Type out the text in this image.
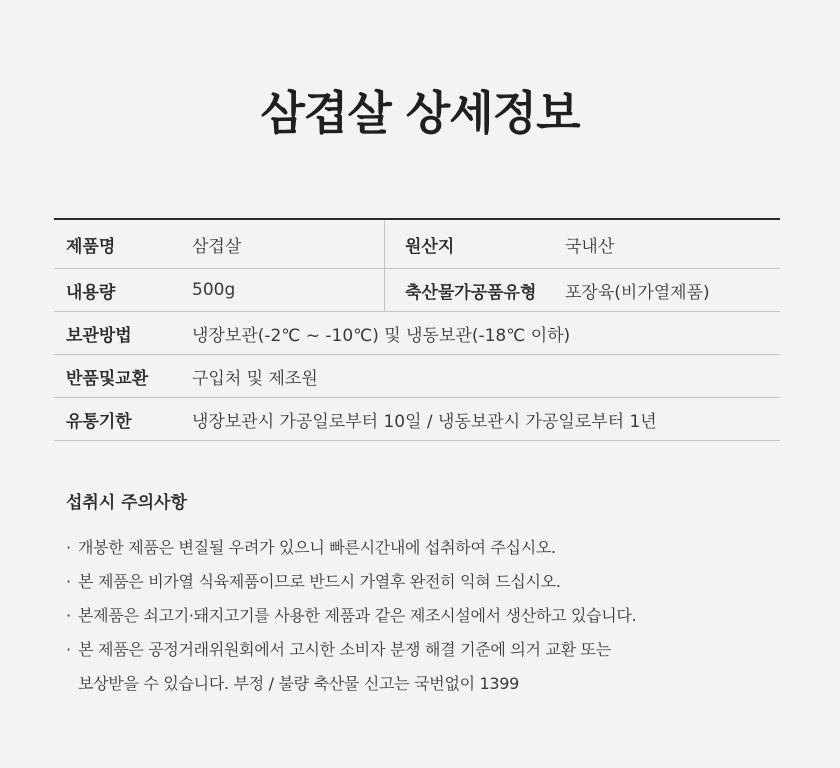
삼겹살 상세정보
제품명	삼겹살	원산지	국내산
내용량	500g	축산물가공품유형	포장육(비가열제품)
보관방법	냉장보관(-2℃ ~ -10℃) 및 냉동보관(-18℃ 이하)		
반품및교환	구입처 및 제조원		
유통기한	냉장보관시 가공일로부터 10일 / 냉동보관시 가공일로부터 1년		
섭취시 주의사항
· 개봉한 제품은 변질될 우려가 있으니 빠른시간내에 섭취하여 주십시오.
· 본 제품은 비가열 식육제품이므로 반드시 가열후 완전히 익혀 드십시오.
· 본제품은 쇠고기·돼지고기를 사용한 제품과 같은 제조시설에서 생산하고 있습니다.
· 본 제품은 공정거래위원회에서 고시한 소비자 분쟁 해결 기준에 의거 교환 또는
보상받을 수 있습니다. 부정 / 불량 축산물 신고는 국번없이 1399
